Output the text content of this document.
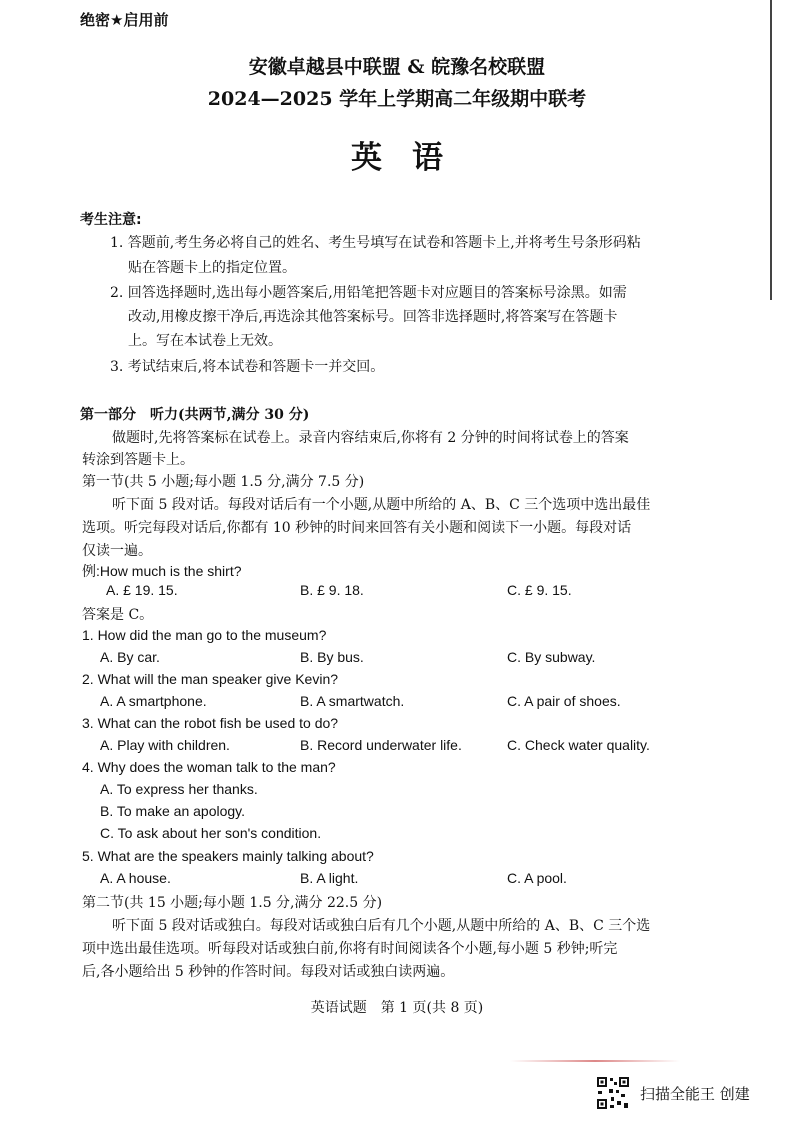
绝密★启用前
安徽卓越县中联盟 & 皖豫名校联盟
2024—2025 学年上学期高二年级期中联考
英语
考生注意:
1. 答题前,考生务必将自己的姓名、考生号填写在试卷和答题卡上,并将考生号条形码粘
贴在答题卡上的指定位置。
2. 回答选择题时,选出每小题答案后,用铅笔把答题卡对应题目的答案标号涂黑。如需
改动,用橡皮擦干净后,再选涂其他答案标号。回答非选择题时,将答案写在答题卡
上。写在本试卷上无效。
3. 考试结束后,将本试卷和答题卡一并交回。
第一部分　听力(共两节,满分 30 分)
做题时,先将答案标在试卷上。录音内容结束后,你将有 2 分钟的时间将试卷上的答案
转涂到答题卡上。
第一节(共 5 小题;每小题 1.5 分,满分 7.5 分)
听下面 5 段对话。每段对话后有一个小题,从题中所给的 A、B、C 三个选项中选出最佳
选项。听完每段对话后,你都有 10 秒钟的时间来回答有关小题和阅读下一小题。每段对话
仅读一遍。
例:How much is the shirt?
A. £ 19. 15.	B. £ 9. 18.	C. £ 9. 15.
答案是 C。
1. How did the man go to the museum?
A. By car.	B. By bus.	C. By subway.
2. What will the man speaker give Kevin?
A. A smartphone.	B. A smartwatch.	C. A pair of shoes.
3. What can the robot fish be used to do?
A. Play with children.	B. Record underwater life.	C. Check water quality.
4. Why does the woman talk to the man?
A. To express her thanks.
B. To make an apology.
C. To ask about her son's condition.
5. What are the speakers mainly talking about?
A. A house.	B. A light.	C. A pool.
第二节(共 15 小题;每小题 1.5 分,满分 22.5 分)
听下面 5 段对话或独白。每段对话或独白后有几个小题,从题中所给的 A、B、C 三个选
项中选出最佳选项。听每段对话或独白前,你将有时间阅读各个小题,每小题 5 秒钟;听完
后,各小题给出 5 秒钟的作答时间。每段对话或独白读两遍。
英语试题　第 1 页(共 8 页)
扫描全能王 创建
